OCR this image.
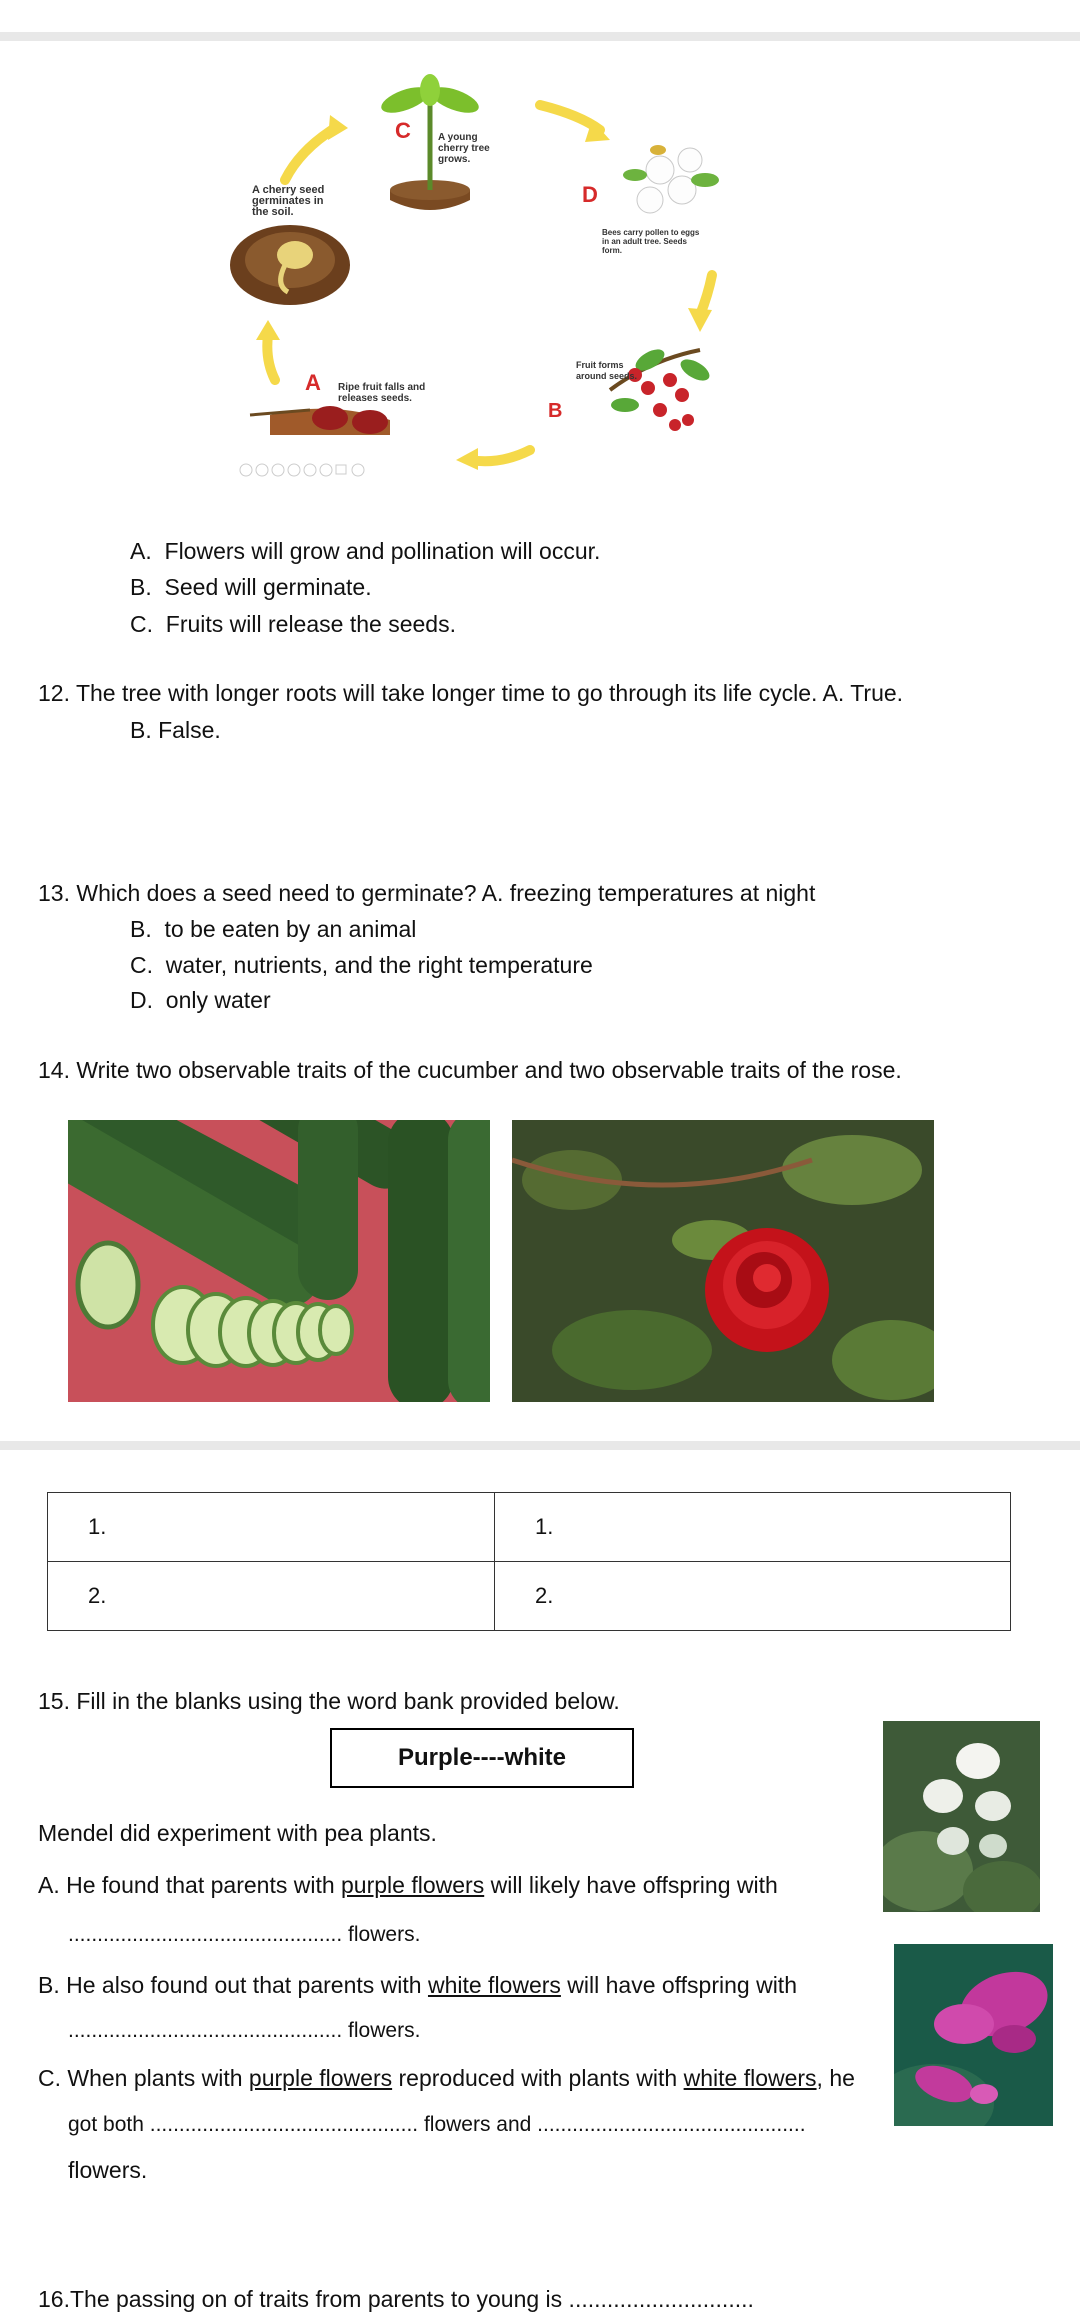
C
D
B
A
A young cherry tree grows.
A cherry seed germinates in the soil.
Bees carry pollen to eggs in an adult tree. Seeds form.
Fruit forms around seeds.
Ripe fruit falls and releases seeds.
A. Flowers will grow and pollination will occur.
B. Seed will germinate.
C. Fruits will release the seeds.
12. The tree with longer roots will take longer time to go through its life cycle. A. True.
B. False.
13. Which does a seed need to germinate? A. freezing temperatures at night
B. to be eaten by an animal
C. water, nutrients, and the right temperature
D. only water
14. Write two observable traits of the cucumber and two observable traits of the rose.
1.	1.
2.	2.
15. Fill in the blanks using the word bank provided below.
Purple----white
Mendel did experiment with pea plants.
A. He found that parents with purple flowers will likely have offspring with
............................................... flowers.
B. He also found out that parents with white flowers will have offspring with
............................................... flowers.
C. When plants with purple flowers reproduced with plants with white flowers, he
got both .............................................. flowers and ..............................................
flowers.
16.The passing on of traits from parents to young is .............................
